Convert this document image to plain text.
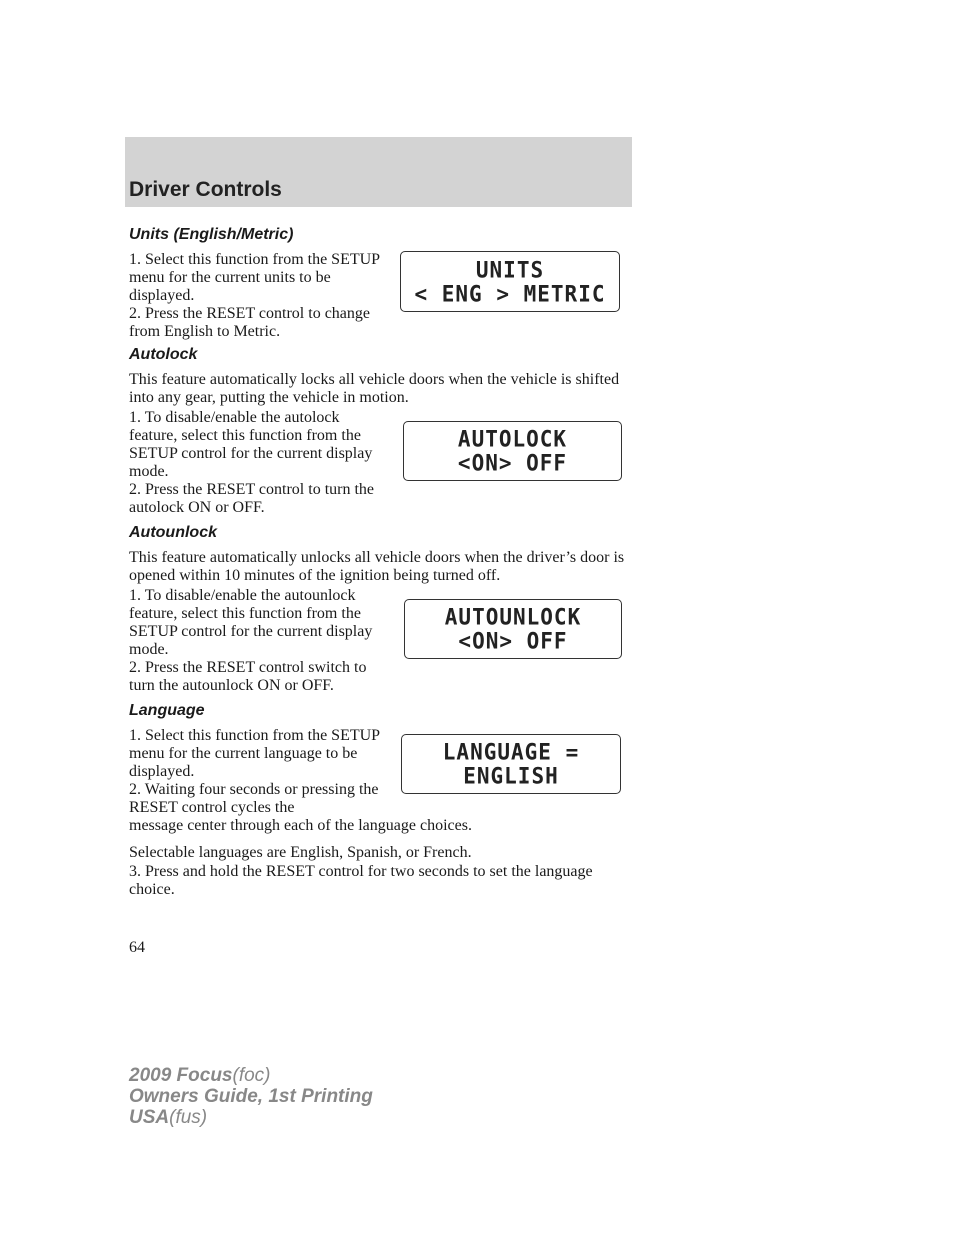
Driver Controls
Units (English/Metric)

1. Select this function from the SETUP menu for the current units to be displayed.

2. Press the RESET control to change from English to Metric.

UNITS
< ENG > METRIC
Autolock

This feature automatically locks all vehicle doors when the vehicle is shifted into any gear, putting the vehicle in motion.

1. To disable/enable the autolock feature, select this function from the SETUP control for the current display mode.

2. Press the RESET control to turn the autolock ON or OFF.

AUTOLOCK
<ON> OFF
Autounlock

This feature automatically unlocks all vehicle doors when the driver’s door is opened within 10 minutes of the ignition being turned off.

1. To disable/enable the autounlock feature, select this function from the SETUP control for the current display mode.

2. Press the RESET control switch to turn the autounlock ON or OFF.

AUTOUNLOCK
<ON> OFF
Language

1. Select this function from the SETUP menu for the current language to be displayed.

2. Waiting four seconds or pressing the RESET control cycles the

message center through each of the language choices.

Selectable languages are English, Spanish, or French.

3. Press and hold the RESET control for two seconds to set the language choice.

LANGUAGE =
ENGLISH
64
2009 Focus(foc)
Owners Guide, 1st Printing
USA(fus)
